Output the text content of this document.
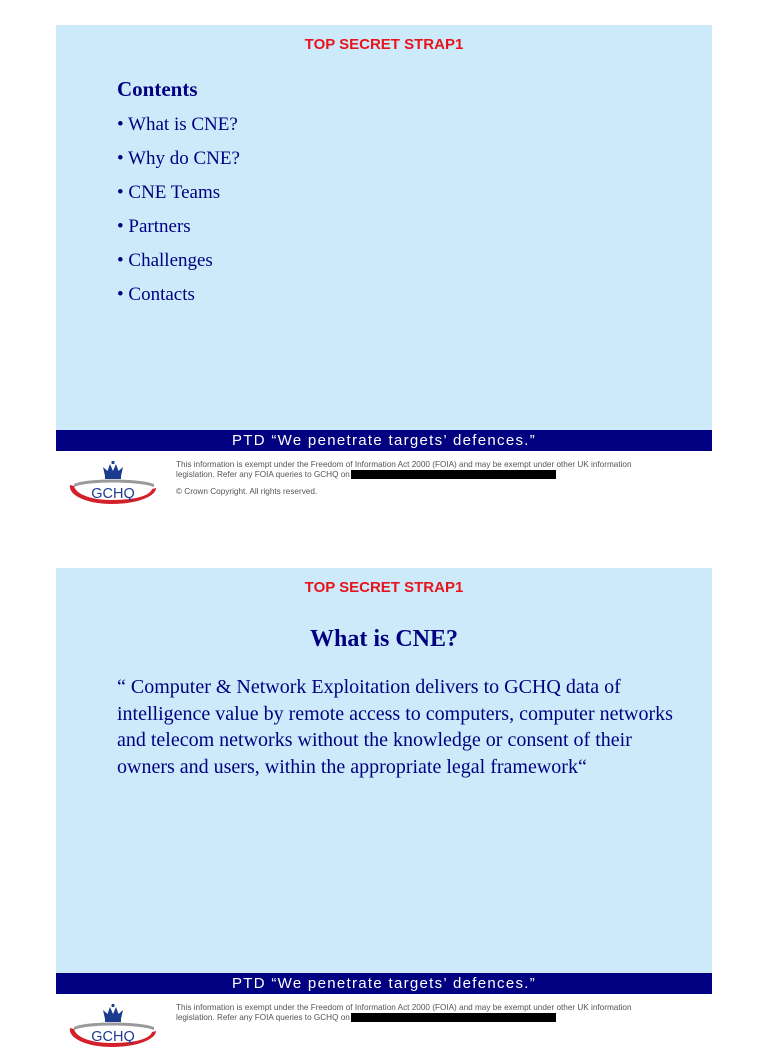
TOP SECRET STRAP1
Contents
• What is CNE?
• Why do CNE?
• CNE Teams
• Partners
• Challenges
• Contacts
PTD “We penetrate targets’ defences.”
GCHQ
This information is exempt under the Freedom of Information Act 2000 (FOIA) and may be exempt under other UK information
legislation. Refer any FOIA queries to GCHQ on
© Crown Copyright. All rights reserved.
TOP SECRET STRAP1
What is CNE?
“ Computer & Network Exploitation delivers to GCHQ data of intelligence value by remote access to computers, computer networks and telecom networks without the knowledge or consent of their owners and users, within the appropriate legal framework“
PTD “We penetrate targets’ defences.”
GCHQ
This information is exempt under the Freedom of Information Act 2000 (FOIA) and may be exempt under other UK information
legislation. Refer any FOIA queries to GCHQ on
